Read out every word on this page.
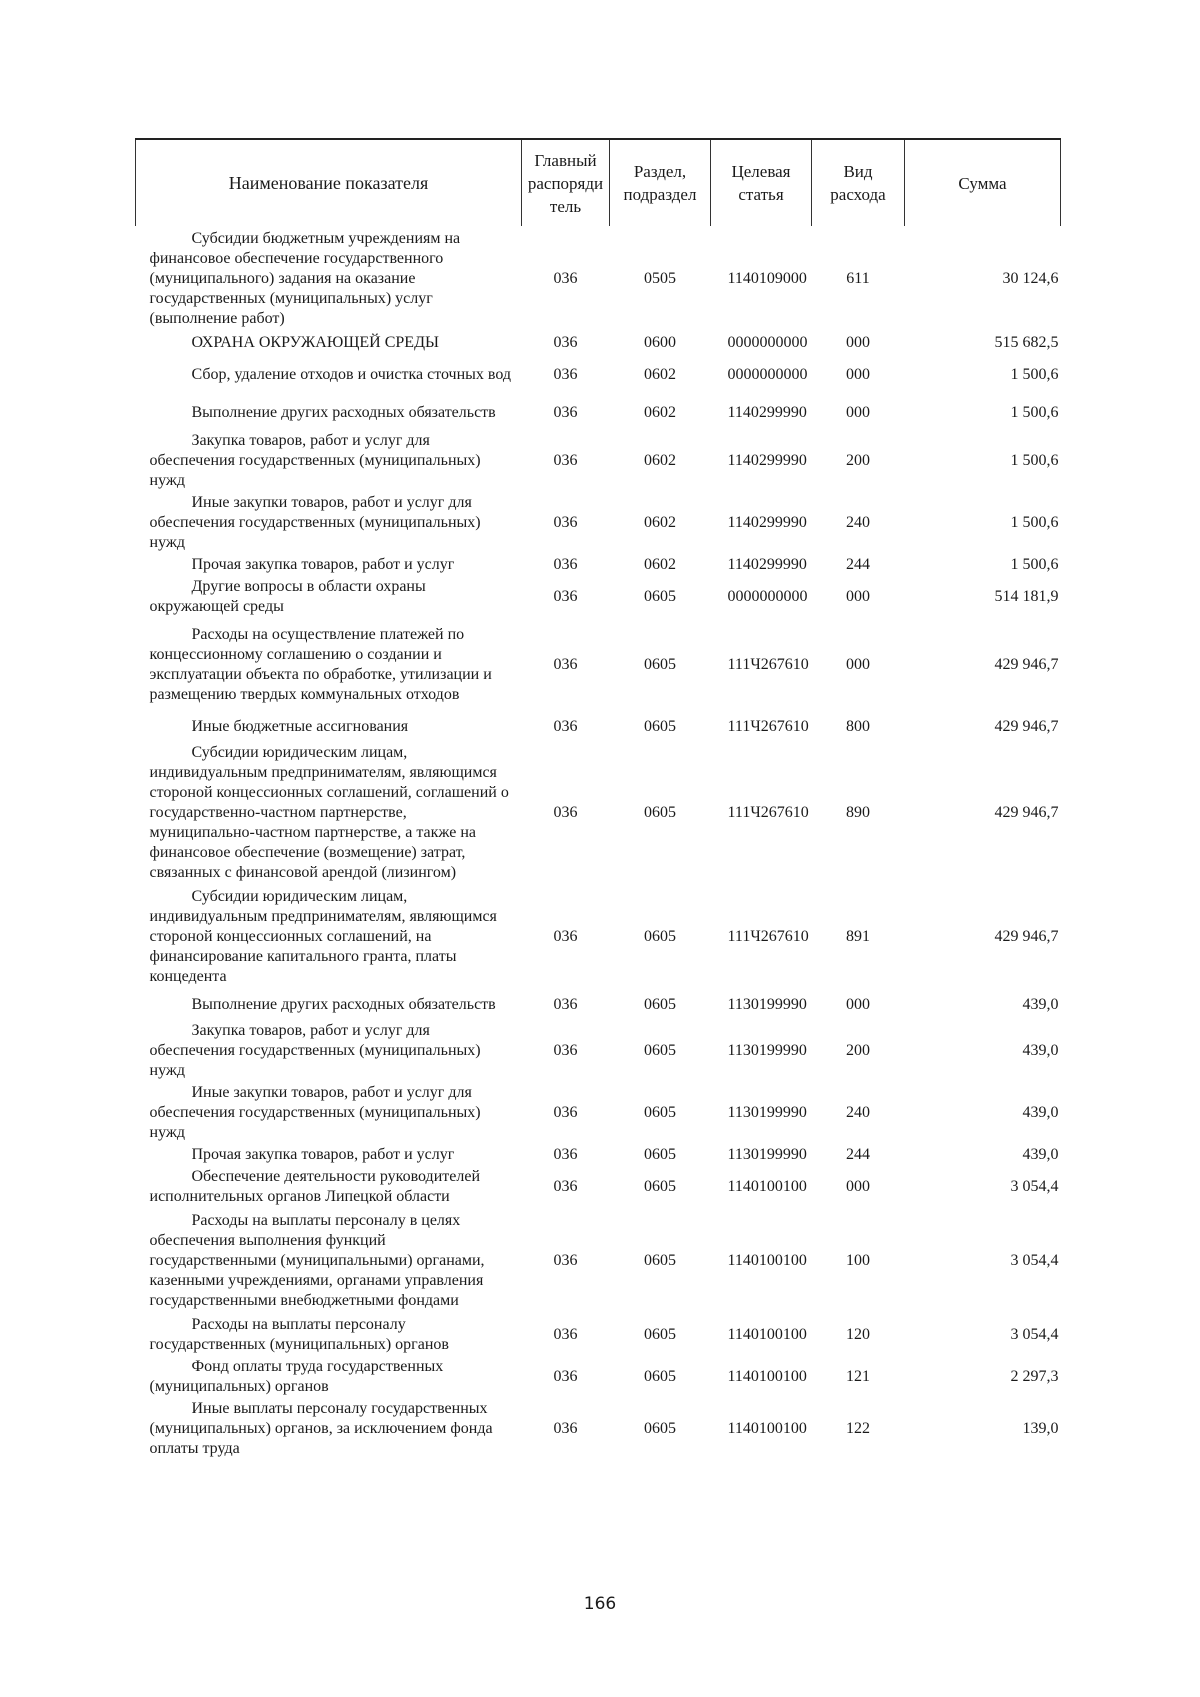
Наименование показателя	Главный распоряди тель	Раздел, подраздел	Целевая статья	Вид расхода	Сумма
Субсидии бюджетным учреждениям на финансовое обеспечение государственного (муниципального) задания на оказание государственных (муниципальных) услуг (выполнение работ)	036	0505	1140109000	611	30 124,6
ОХРАНА ОКРУЖАЮЩЕЙ СРЕДЫ	036	0600	0000000000	000	515 682,5
Сбор, удаление отходов и очистка сточных вод	036	0602	0000000000	000	1 500,6
Выполнение других расходных обязательств	036	0602	1140299990	000	1 500,6
Закупка товаров, работ и услуг для обеспечения государственных (муниципальных) нужд	036	0602	1140299990	200	1 500,6
Иные закупки товаров, работ и услуг для обеспечения государственных (муниципальных) нужд	036	0602	1140299990	240	1 500,6
Прочая закупка товаров, работ и услуг	036	0602	1140299990	244	1 500,6
Другие вопросы в области охраны окружающей среды	036	0605	0000000000	000	514 181,9
Расходы на осуществление платежей по концессионному соглашению о создании и эксплуатации объекта по обработке, утилизации и размещению твердых коммунальных отходов	036	0605	111Ч267610	000	429 946,7
Иные бюджетные ассигнования	036	0605	111Ч267610	800	429 946,7
Субсидии юридическим лицам, индивидуальным предпринимателям, являющимся стороной концессионных соглашений, соглашений о государственно-частном партнерстве, муниципально-частном партнерстве, а также на финансовое обеспечение (возмещение) затрат, связанных с финансовой арендой (лизингом)	036	0605	111Ч267610	890	429 946,7
Субсидии юридическим лицам, индивидуальным предпринимателям, являющимся стороной концессионных соглашений, на финансирование капитального гранта, платы концедента	036	0605	111Ч267610	891	429 946,7
Выполнение других расходных обязательств	036	0605	1130199990	000	439,0
Закупка товаров, работ и услуг для обеспечения государственных (муниципальных) нужд	036	0605	1130199990	200	439,0
Иные закупки товаров, работ и услуг для обеспечения государственных (муниципальных) нужд	036	0605	1130199990	240	439,0
Прочая закупка товаров, работ и услуг	036	0605	1130199990	244	439,0
Обеспечение деятельности руководителей исполнительных органов Липецкой области	036	0605	1140100100	000	3 054,4
Расходы на выплаты персоналу в целях обеспечения выполнения функций государственными (муниципальными) органами, казенными учреждениями, органами управления государственными внебюджетными фондами	036	0605	1140100100	100	3 054,4
Расходы на выплаты персоналу государственных (муниципальных) органов	036	0605	1140100100	120	3 054,4
Фонд оплаты труда государственных (муниципальных) органов	036	0605	1140100100	121	2 297,3
Иные выплаты персоналу государственных (муниципальных) органов, за исключением фонда оплаты труда	036	0605	1140100100	122	139,0
166
